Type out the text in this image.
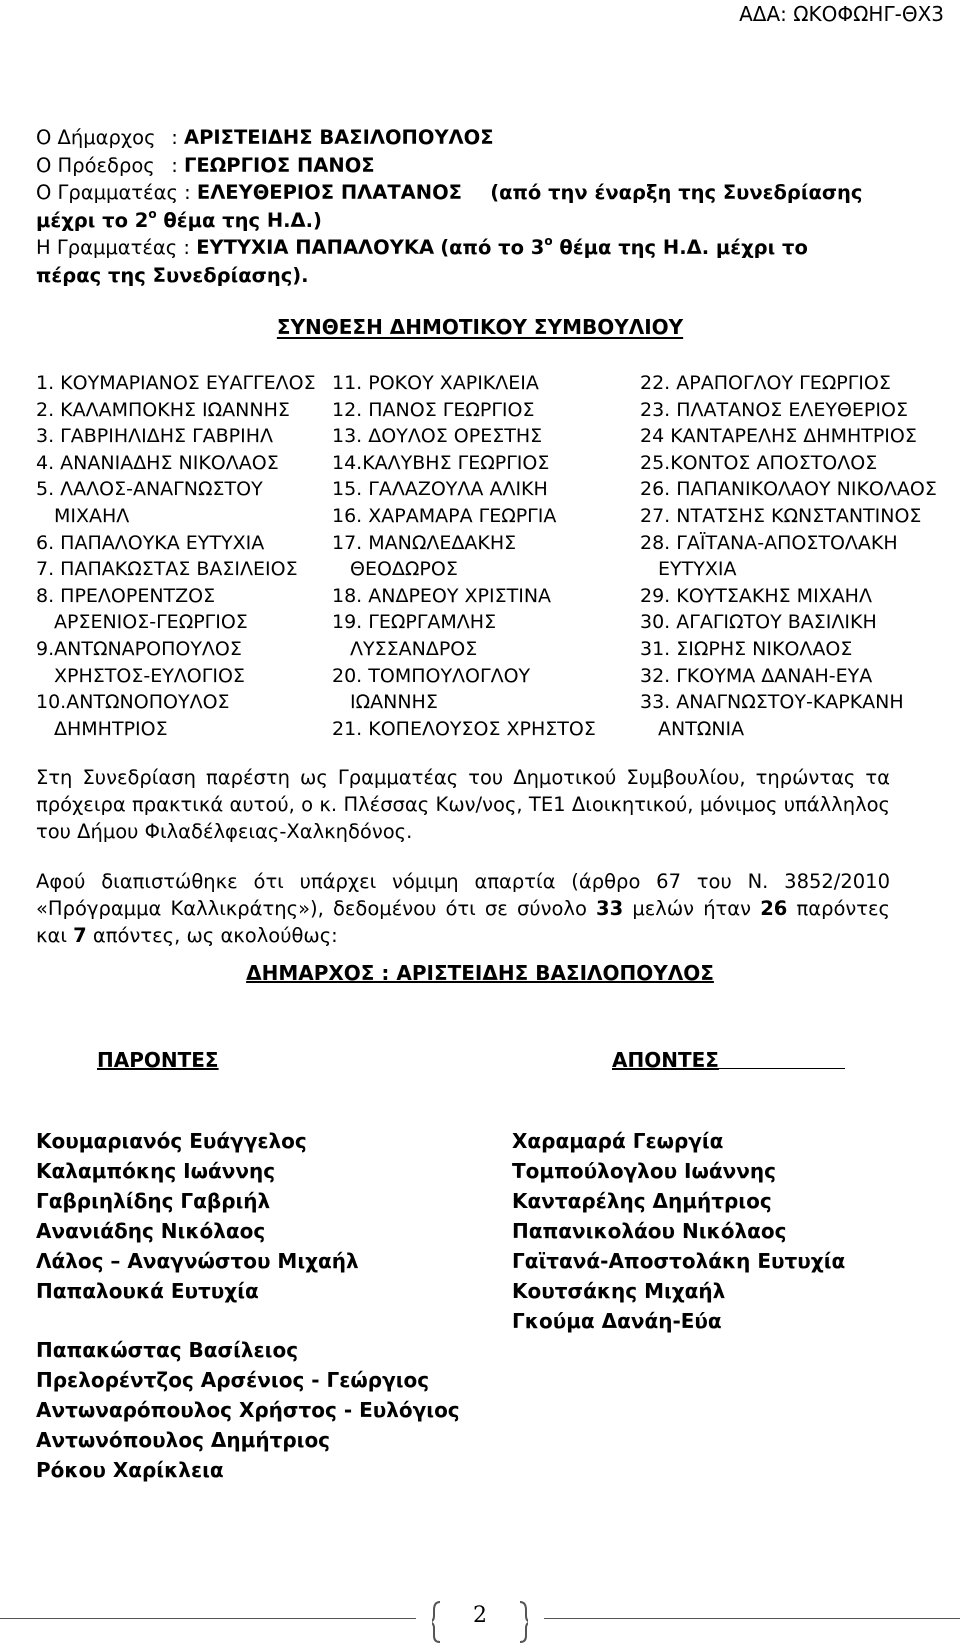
ΑΔΑ: ΩΚΟΦΩΗΓ-ΘΧ3
Ο Δήμαρχος : ΑΡΙΣΤΕΙΔΗΣ ΒΑΣΙΛΟΠΟΥΛΟΣ
Ο Πρόεδρος : ΓΕΩΡΓΙΟΣ ΠΑΝΟΣ
Ο Γραμματέας : ΕΛΕΥΘΕΡΙΟΣ ΠΛΑΤΑΝΟΣ (από την έναρξη της Συνεδρίασης
μέχρι το $2^o$ θέμα της Η.Δ.)
Η Γραμματέας : ΕΥΤΥΧΙΑ ΠΑΠΑΛΟΥΚΑ (από το $3^o$ θέμα της Η.Δ. μέχρι το
πέρας της Συνεδρίασης).
ΣΥΝΘΕΣΗ ΔΗΜΟΤΙΚΟΥ ΣΥΜΒΟΥΛΙΟΥ
1. ΚΟΥΜΑΡΙΑΝΟΣ ΕΥΑΓΓΕΛΟΣ
2. ΚΑΛΑΜΠΟΚΗΣ ΙΩΑΝΝΗΣ
3. ΓΑΒΡΙΗΛΙΔΗΣ ΓΑΒΡΙΗΛ
4. ΑΝΑΝΙΑΔΗΣ ΝΙΚΟΛΑΟΣ
5. ΛΑΛΟΣ-ΑΝΑΓΝΩΣΤΟΥ
ΜΙΧΑΗΛ
6. ΠΑΠΑΛΟΥΚΑ ΕΥΤΥΧΙΑ
7. ΠΑΠΑΚΩΣΤΑΣ ΒΑΣΙΛΕΙΟΣ
8. ΠΡΕΛΟΡΕΝΤΖΟΣ
ΑΡΣΕΝΙΟΣ-ΓΕΩΡΓΙΟΣ
9.ΑΝΤΩΝΑΡΟΠΟΥΛΟΣ
ΧΡΗΣΤΟΣ-ΕΥΛΟΓΙΟΣ
10.ΑΝΤΩΝΟΠΟΥΛΟΣ
ΔΗΜΗΤΡΙΟΣ
11. ΡΟΚΟΥ ΧΑΡΙΚΛΕΙΑ
12. ΠΑΝΟΣ ΓΕΩΡΓΙΟΣ
13. ΔΟΥΛΟΣ ΟΡΕΣΤΗΣ
14.ΚΑΛΥΒΗΣ ΓΕΩΡΓΙΟΣ
15. ΓΑΛΑΖΟΥΛΑ ΑΛΙΚΗ
16. ΧΑΡΑΜΑΡΑ ΓΕΩΡΓΙΑ
17. ΜΑΝΩΛΕΔΑΚΗΣ
ΘΕΟΔΩΡΟΣ
18. ΑΝΔΡΕΟΥ ΧΡΙΣΤΙΝΑ
19. ΓΕΩΡΓΑΜΛΗΣ
ΛΥΣΣΑΝΔΡΟΣ
20. ΤΟΜΠΟΥΛΟΓΛΟΥ
ΙΩΑΝΝΗΣ
21. ΚΟΠΕΛΟΥΣΟΣ ΧΡΗΣΤΟΣ
22. ΑΡΑΠΟΓΛΟΥ ΓΕΩΡΓΙΟΣ
23. ΠΛΑΤΑΝΟΣ ΕΛΕΥΘΕΡΙΟΣ
24 ΚΑΝΤΑΡΕΛΗΣ ΔΗΜΗΤΡΙΟΣ
25.ΚΟΝΤΟΣ ΑΠΟΣΤΟΛΟΣ
26. ΠΑΠΑΝΙΚΟΛΑΟΥ ΝΙΚΟΛΑΟΣ
27. ΝΤΑΤΣΗΣ ΚΩΝΣΤΑΝΤΙΝΟΣ
28. ΓΑΪΤΑΝΑ-ΑΠΟΣΤΟΛΑΚΗ
ΕΥΤΥΧΙΑ
29. ΚΟΥΤΣΑΚΗΣ ΜΙΧΑΗΛ
30. ΑΓΑΓΙΩΤΟΥ ΒΑΣΙΛΙΚΗ
31. ΣΙΩΡΗΣ ΝΙΚΟΛΑΟΣ
32. ΓΚΟΥΜΑ ΔΑΝΑΗ-ΕΥΑ
33. ΑΝΑΓΝΩΣΤΟΥ-ΚΑΡΚΑΝΗ
ΑΝΤΩΝΙΑ
Στη Συνεδρίαση παρέστη ως Γραμματέας του Δημοτικού Συμβουλίου, τηρώντας τα πρόχειρα πρακτικά αυτού, ο κ. Πλέσσας Κων/νος, ΤΕ1 Διοικητικού, μόνιμος υπάλληλος του Δήμου Φιλαδέλφειας-Χαλκηδόνος.
Αφού διαπιστώθηκε ότι υπάρχει νόμιμη απαρτία (άρθρο 67 του Ν. 3852/2010 «Πρόγραμμα Καλλικράτης»), δεδομένου ότι σε σύνολο 33 μελών ήταν 26 παρόντες και 7 απόντες, ως ακολούθως:
ΔΗΜΑΡΧΟΣ : ΑΡΙΣΤΕΙΔΗΣ ΒΑΣΙΛΟΠΟΥΛΟΣ
ΠΑΡΟΝΤΕΣ	ΑΠΟΝΤΕΣ
Κουμαριανός Ευάγγελος
Καλαμπόκης Ιωάννης
Γαβριηλίδης Γαβριήλ
Ανανιάδης Νικόλαος
Λάλος – Αναγνώστου Μιχαήλ
Παπαλουκά Ευτυχία
Παπακώστας Βασίλειος
Πρελορέντζος Αρσένιος - Γεώργιος
Αντωναρόπουλος Χρήστος - Ευλόγιος
Αντωνόπουλος Δημήτριος
Ρόκου Χαρίκλεια
Χαραμαρά Γεωργία
Τομπούλογλου Ιωάννης
Κανταρέλης Δημήτριος
Παπανικολάου Νικόλαος
Γαϊτανά-Αποστολάκη Ευτυχία
Κουτσάκης Μιχαήλ
Γκούμα Δανάη-Εύα
2
